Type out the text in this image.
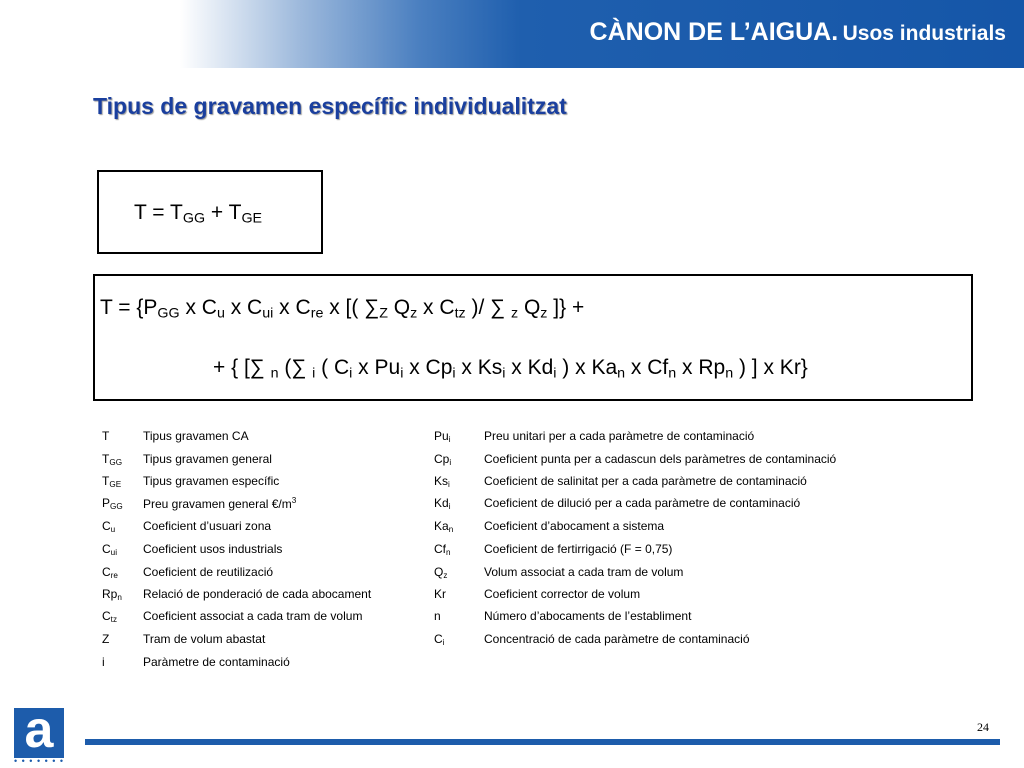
CÀNON DE L’AIGUA. Usos industrials
Tipus de gravamen específic individualitzat
$T = T_{GG} + T_{GE}$
$T = \{P_{GG}$ x $C_u$ x $C_{ui}$ x $C_{re}$ x [( $\sum_Z$ $Q_z$ x $C_{tz}$ )/ ∑ $_z$ $Q_z$ ]} +
+ { [∑ $_n$ (∑ $_i$ ( $C_i$ x $Pu_i$ x $Cp_i$ x $Ks_i$ x $Kd_i$ ) x $Ka_n$ x $Cf_n$ x $Rp_n$ ) ] x Kr}
T	Tipus gravamen CA
$T_{GG}$ Tipus gravamen general
$T_{GE}$ Tipus gravamen específic
$P_{GG}$ Preu gravamen general $€/m^3$
$C_u$ Coeficient d’usuari zona
$C_{ui}$ Coeficient usos industrials
$C_{re}$ Coeficient de reutilizació
$Rp_n$ Relació de ponderació de cada abocament
$C_{tz}$ Coeficient associat a cada tram de volum
Z	Tram de volum abastat
i	Paràmetre de contaminació
$Pu_i$	Preu unitari per a cada paràmetre de contaminació
$Cp_i$	Coeficient punta per a cadascun dels paràmetres de contaminació
$Ks_i$	Coeficient de salinitat per a cada paràmetre de contaminació
$Kd_i$	Coeficient de dilució per a cada paràmetre de contaminació
$Ka_n$	Coeficient d’abocament a sistema
$Cf_n$	Coeficient de fertirrigació (F = 0,75)
$Q_z$	Volum associat a cada tram de volum
Kr	Coeficient corrector de volum
n	Número d’abocaments de l’establiment
$C_i$	Concentració de cada paràmetre de contaminació
24
a
• • • • • • •
